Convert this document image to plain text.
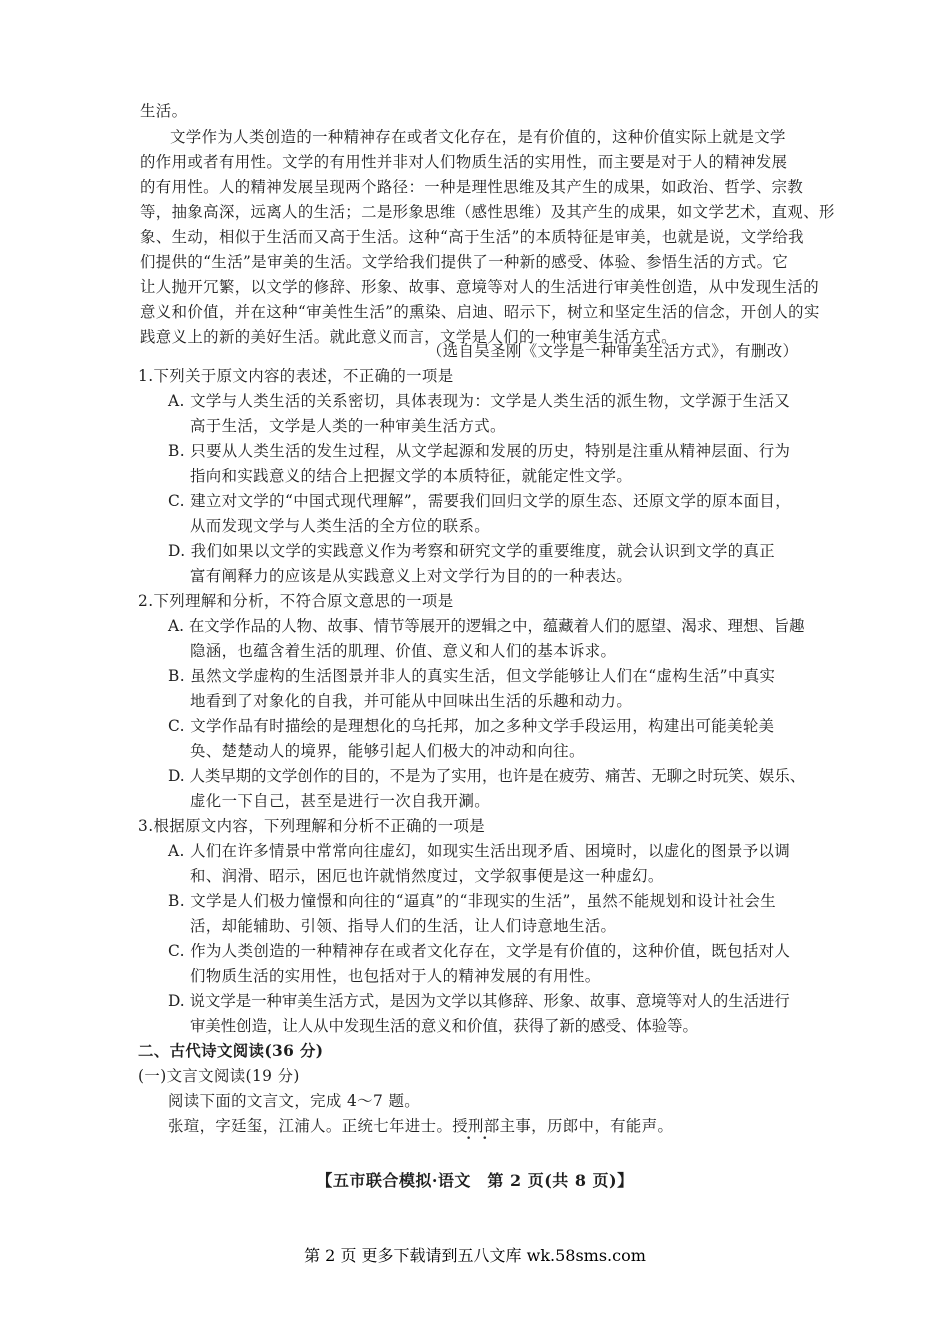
生活。
文学作为人类创造的一种精神存在或者文化存在，是有价值的，这种价值实际上就是文学
的作用或者有用性。文学的有用性并非对人们物质生活的实用性，而主要是对于人的精神发展
的有用性。人的精神发展呈现两个路径：一种是理性思维及其产生的成果，如政治、哲学、宗教
等，抽象高深，远离人的生活；二是形象思维（感性思维）及其产生的成果，如文学艺术，直观、形
象、生动，相似于生活而又高于生活。这种“高于生活”的本质特征是审美，也就是说，文学给我
们提供的“生活”是审美的生活。文学给我们提供了一种新的感受、体验、参悟生活的方式。它
让人抛开冗繁，以文学的修辞、形象、故事、意境等对人的生活进行审美性创造，从中发现生活的
意义和价值，并在这种“审美性生活”的熏染、启迪、昭示下，树立和坚定生活的信念，开创人的实
践意义上的新的美好生活。就此意义而言，文学是人们的一种审美生活方式。
（选自吴圣刚《文学是一种审美生活方式》，有删改）
1.下列关于原文内容的表述，不正确的一项是
A. 文学与人类生活的关系密切，具体表现为：文学是人类生活的派生物，文学源于生活又
高于生活，文学是人类的一种审美生活方式。
B. 只要从人类生活的发生过程，从文学起源和发展的历史，特别是注重从精神层面、行为
指向和实践意义的结合上把握文学的本质特征，就能定性文学。
C. 建立对文学的“中国式现代理解”，需要我们回归文学的原生态、还原文学的原本面目，
从而发现文学与人类生活的全方位的联系。
D. 我们如果以文学的实践意义作为考察和研究文学的重要维度，就会认识到文学的真正
富有阐释力的应该是从实践意义上对文学行为目的的一种表达。
2.下列理解和分析，不符合原文意思的一项是
A. 在文学作品的人物、故事、情节等展开的逻辑之中，蕴藏着人们的愿望、渴求、理想、旨趣
隐涵，也蕴含着生活的肌理、价值、意义和人们的基本诉求。
B. 虽然文学虚构的生活图景并非人的真实生活，但文学能够让人们在“虚构生活”中真实
地看到了对象化的自我，并可能从中回味出生活的乐趣和动力。
C. 文学作品有时描绘的是理想化的乌托邦，加之多种文学手段运用，构建出可能美轮美
奂、楚楚动人的境界，能够引起人们极大的冲动和向往。
D. 人类早期的文学创作的目的，不是为了实用，也许是在疲劳、痛苦、无聊之时玩笑、娱乐、
虚化一下自己，甚至是进行一次自我开涮。
3.根据原文内容，下列理解和分析不正确的一项是
A. 人们在许多情景中常常向往虚幻，如现实生活出现矛盾、困境时，以虚化的图景予以调
和、润滑、昭示，困厄也许就悄然度过，文学叙事便是这一种虚幻。
B. 文学是人们极力憧憬和向往的“逼真”的“非现实的生活”，虽然不能规划和设计社会生
活，却能辅助、引领、指导人们的生活，让人们诗意地生活。
C. 作为人类创造的一种精神存在或者文化存在，文学是有价值的，这种价值，既包括对人
们物质生活的实用性，也包括对于人的精神发展的有用性。
D. 说文学是一种审美生活方式，是因为文学以其修辞、形象、故事、意境等对人的生活进行
审美性创造，让人从中发现生活的意义和价值，获得了新的感受、体验等。
二、古代诗文阅读(36 分)
(一)文言文阅读(19 分)
阅读下面的文言文，完成 4～7 题。
【五市联合模拟·语文　第 2 页(共 8 页)】
第 2 页 更多下载请到五八文库 wk.58sms.com
张瑄，字廷玺，江浦人。正统七年进士。授刑部主事，历郎中，有能声。
• •
